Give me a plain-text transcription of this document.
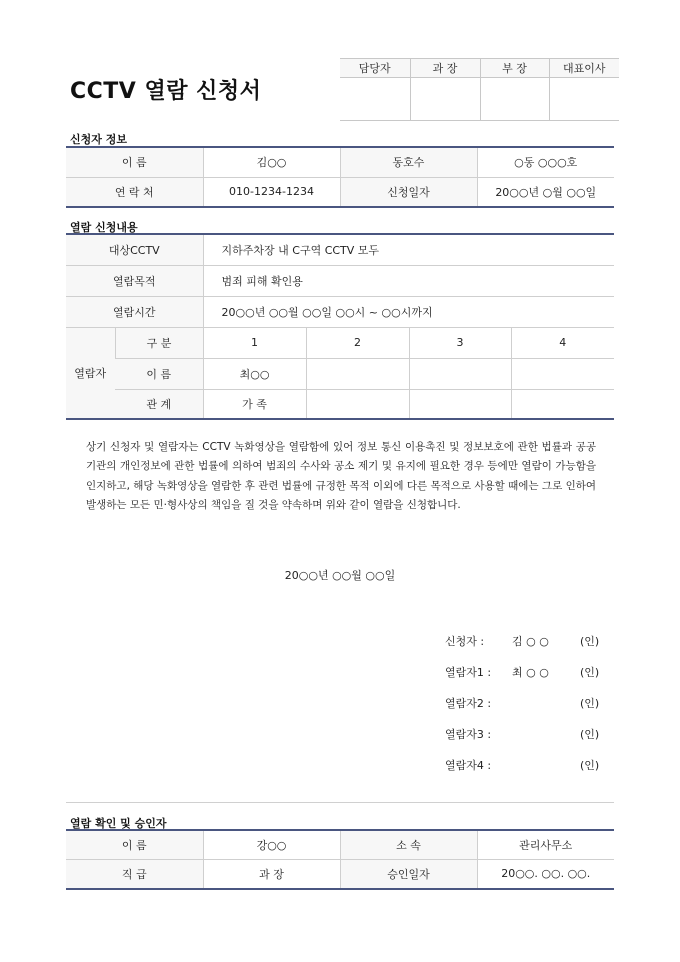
CCTV 열람 신청서
담당자	과 장	부 장	대표이사

신청자 정보
이 름	김○○	동호수	○동 ○○○호
연 락 처	010-1234-1234	신청일자	20○○년 ○월 ○○일
열람 신청내용
대상CCTV		지하주차장 내 C구역 CCTV 모두			
열람목적		범죄 피해 확인용			
열람시간		20○○년 ○○월 ○○일 ○○시 ~ ○○시까지			
열람자	구 분	1	2	3	4
	이 름	최○○			
	관 계	가 족			
상기 신청자 및 열람자는 CCTV 녹화영상을 열람함에 있어 정보 통신 이용촉진 및 정보보호에 관한 법률과 공공기관의 개인정보에 관한 법률에 의하여 범죄의 수사와 공소 제기 및 유지에 필요한 경우 등에만 열람이 가능함을 인지하고, 해당 녹화영상을 열람한 후 관련 법률에 규정한 목적 이외에 다른 목적으로 사용할 때에는 그로 인하여 발생하는 모든 민·형사상의 책임을 질 것을 약속하며 위와 같이 열람을 신청합니다.
20○○년 ○○월 ○○일
신청자 :	김 ○ ○	(인)
열람자1 : 최 ○ ○	(인)
열람자2 :	(인)
열람자3 :	(인)
열람자4 :	(인)
열람 확인 및 승인자
이 름	강○○	소 속	관리사무소
직 급	과 장	승인일자	20○○. ○○. ○○.
